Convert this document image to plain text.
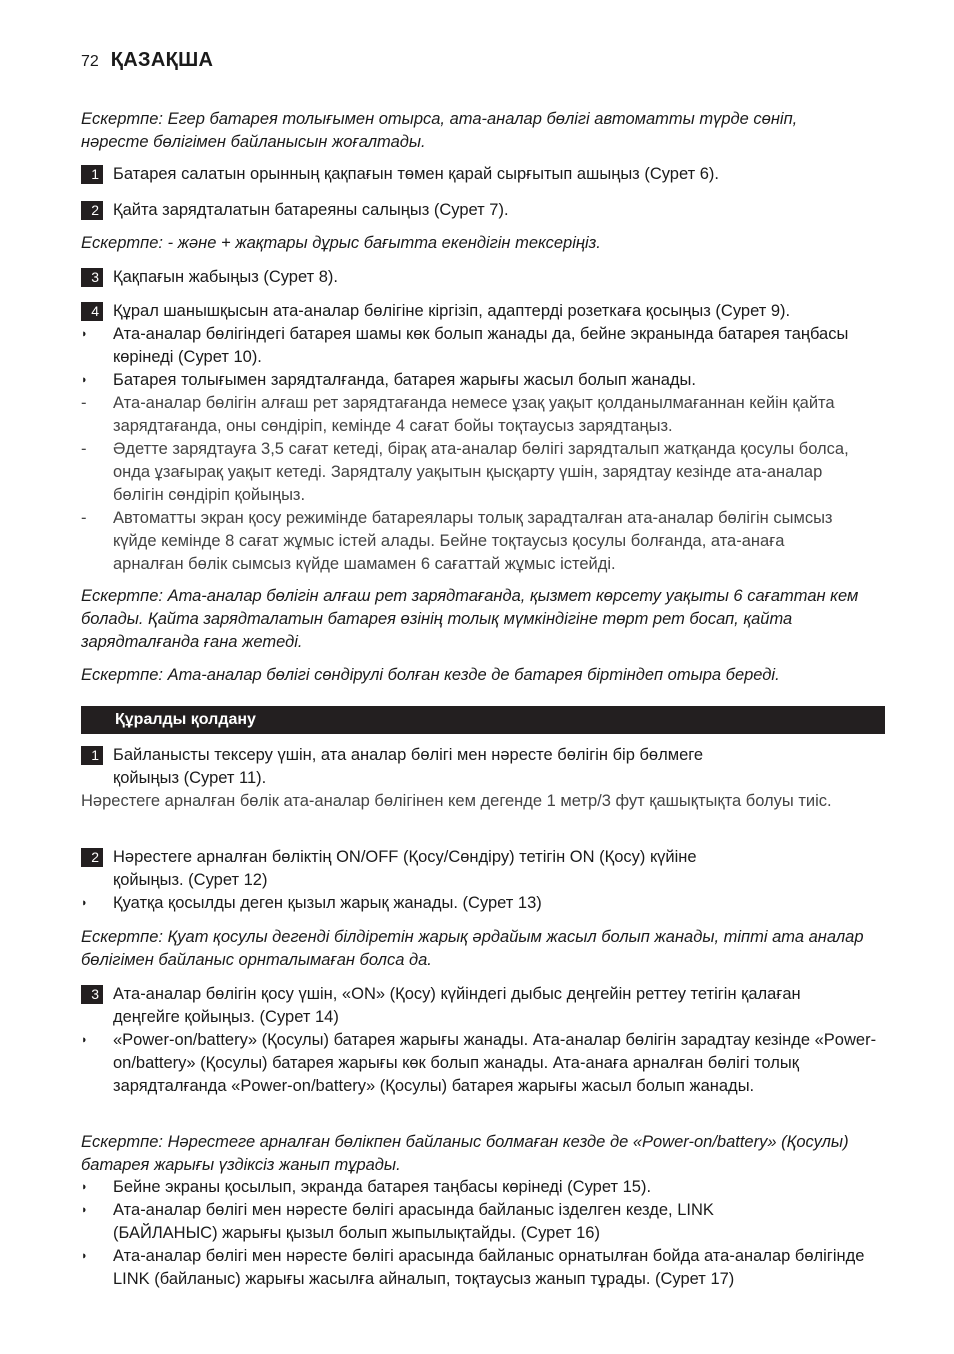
72 ҚАЗАҚША
Ескертпе: Егер батарея толығымен отырса, ата-аналар бөлігі автоматты түрде сөніп, нәресте бөлігімен байланысын жоғалтады.
1 Батарея салатын орынның қақпағын төмен қарай сырғытып ашыңыз (Сурет 6).
2 Қайта зарядталатын батареяны салыңыз (Сурет 7).
Ескертпе: - және + жақтары дұрыс бағытта екендігін тексеріңіз.
3 Қақпағын жабыңыз (Сурет 8).
4 Құрал шанышқысын ата-аналар бөлігіне кіргізіп, адаптерді розеткаға қосыңыз (Сурет 9).
◗	Ата-аналар бөлігіндегі батарея шамы көк болып жанады да, бейне экранында батарея таңбасы көрінеді (Сурет 10).
◗	Батарея толығымен зарядталғанда, батарея жарығы жасыл болып жанады.
-	Ата-аналар бөлігін алғаш рет зарядтағанда немесе ұзақ уақыт қолданылмағаннан кейін қайта зарядтағанда, оны сөндіріп, кемінде 4 сағат бойы тоқтаусыз зарядтаңыз.
-	Әдетте зарядтауға 3,5 сағат кетеді, бірақ ата-аналар бөлігі зарядталып жатқанда қосулы болса, онда ұзағырақ уақыт кетеді. Зарядталу уақытын қысқарту үшін, зарядтау кезінде ата-аналар бөлігін сөндіріп қойыңыз.
-	Автоматты экран қосу режимінде батареялары толық зарадталған ата-аналар бөлігін сымсыз күйде кемінде 8 сағат жұмыс істей алады. Бейне тоқтаусыз қосулы болғанда, ата-анаға арналған бөлік сымсыз күйде шамамен 6 сағаттай жұмыс істейді.
Ескертпе: Ата-аналар бөлігін алғаш рет зарядтағанда, қызмет көрсету уақыты 6 сағаттан кем болады. Қайта зарядталатын батарея өзінің толық мүмкіндігіне төрт рет босап, қайта зарядталғанда ғана жетеді.
Ескертпе: Ата-аналар бөлігі сөндірулі болған кезде де батарея біртіндеп отыра береді.
Құралды қолдану
1 Байланысты тексеру үшін, ата аналар бөлігі мен нәресте бөлігін бір бөлмеге қойыңыз (Сурет 11).
Нәрестеге арналған бөлік ата-аналар бөлігінен кем дегенде 1 метр/3 фут қашықтықта болуы тиіс.
2 Нәрестеге арналған бөліктің ON/OFF (Қосу/Сөндіру) тетігін ON (Қосу) күйіне қойыңыз. (Сурет 12)
◗	Қуатқа қосылды деген қызыл жарық жанады. (Сурет 13)
Ескертпе: Қуат қосулы дегенді білдіретін жарық әрдайым жасыл болып жанады, тіпті ата аналар бөлігімен байланыс орнталымаған болса да.
3 Ата-аналар бөлігін қосу үшін, «ON» (Қосу) күйіндегі дыбыс деңгейін реттеу тетігін қалаған деңгейге қойыңыз. (Сурет 14)
◗	«Power-on/battery» (Қосулы) батарея жарығы жанады. Ата-аналар бөлігін зарадтау кезінде «Power-on/battery» (Қосулы) батарея жарығы көк болып жанады. Ата-анаға арналған бөлігі толық зарядталғанда «Power-on/battery» (Қосулы) батарея жарығы жасыл болып жанады.
Ескертпе: Нәрестеге арналған бөлікпен байланыс болмаған кезде де «Power-on/battery» (Қосулы) батарея жарығы үздіксіз жанып тұрады.
◗	Бейне экраны қосылып, экранда батарея таңбасы көрінеді (Сурет 15).
◗	Ата-аналар бөлігі мен нәресте бөлігі арасында байланыс ізделген кезде, LINK (БАЙЛАНЫС) жарығы қызыл болып жыпылықтайды. (Сурет 16)
◗	Ата-аналар бөлігі мен нәресте бөлігі арасында байланыс орнатылған бойда ата-аналар бөлігінде LINK (байланыс) жарығы жасылға айналып, тоқтаусыз жанып тұрады. (Сурет 17)
